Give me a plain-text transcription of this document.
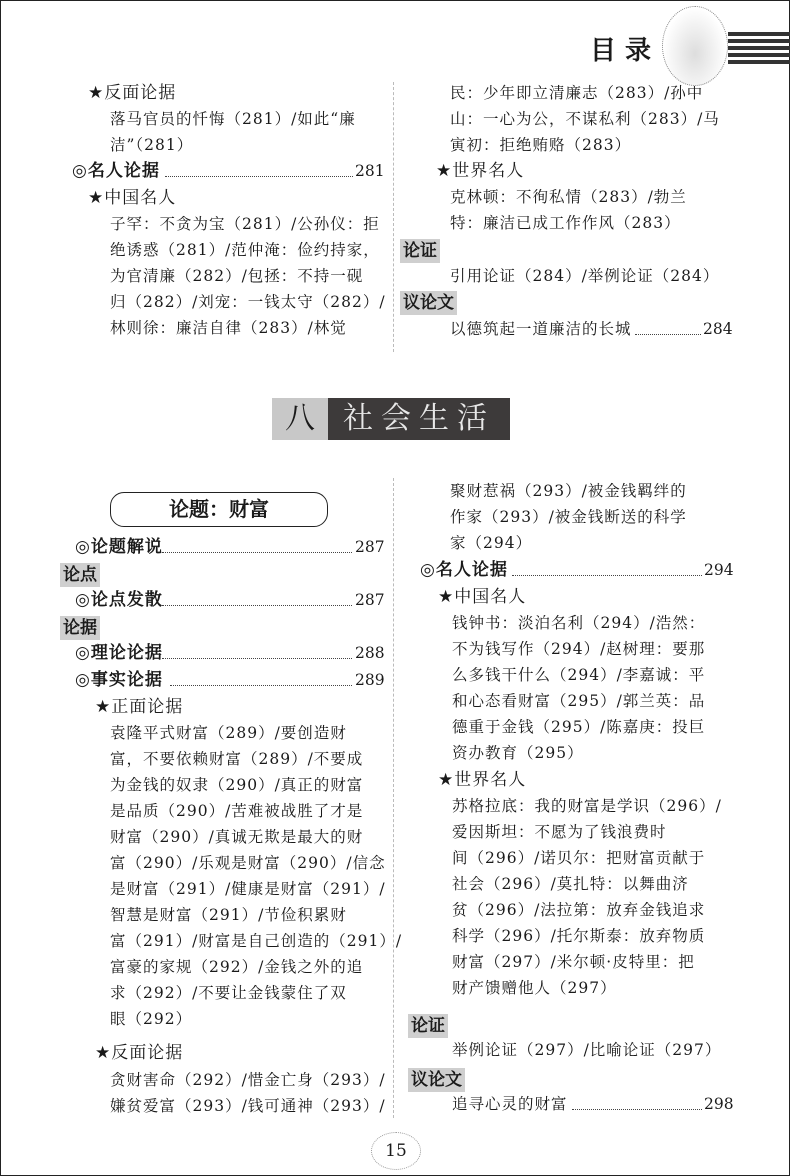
目 录
★反面论据
落马官员的忏悔（281）/如此“廉
洁”（281）
◎名人论据	281
★中国名人
子罕：不贪为宝（281）/公孙仪：拒
绝诱惑（281）/范仲淹：俭约持家，
为官清廉（282）/包拯：不持一砚
归（282）/刘宠：一钱太守（282）/
林则徐：廉洁自律（283）/林觉
民：少年即立清廉志（283）/孙中
山：一心为公，不谋私利（283）/马
寅初：拒绝贿赂（283）
★世界名人
克林顿：不徇私情（283）/勃兰
特：廉洁已成工作作风（283）
论证
引用论证（284）/举例论证（284）
议论文
以德筑起一道廉洁的长城	284
八 社会生活
论题：财富
◎论题解说	287
论点
◎论点发散	287
论据
◎理论论据	288
◎事实论据	289
★正面论据
袁隆平式财富（289）/要创造财
富，不要依赖财富（289）/不要成
为金钱的奴隶（290）/真正的财富
是品质（290）/苦难被战胜了才是
财富（290）/真诚无欺是最大的财
富（290）/乐观是财富（290）/信念
是财富（291）/健康是财富（291）/
智慧是财富（291）/节俭积累财
富（291）/财富是自己创造的（291）/
富豪的家规（292）/金钱之外的追
求（292）/不要让金钱蒙住了双
眼（292）
★反面论据
贪财害命（292）/惜金亡身（293）/
嫌贫爱富（293）/钱可通神（293）/
聚财惹祸（293）/被金钱羁绊的
作家（293）/被金钱断送的科学
家（294）
◎名人论据	294
★中国名人
钱钟书：淡泊名利（294）/浩然：
不为钱写作（294）/赵树理：要那
么多钱干什么（294）/李嘉诚：平
和心态看财富（295）/郭兰英：品
德重于金钱（295）/陈嘉庚：投巨
资办教育（295）
★世界名人
苏格拉底：我的财富是学识（296）/
爱因斯坦：不愿为了钱浪费时
间（296）/诺贝尔：把财富贡献于
社会（296）/莫扎特：以舞曲济
贫（296）/法拉第：放弃金钱追求
科学（296）/托尔斯泰：放弃物质
财富（297）/米尔顿·皮特里：把
财产馈赠他人（297）
论证
举例论证（297）/比喻论证（297）
议论文
追寻心灵的财富	298
15
